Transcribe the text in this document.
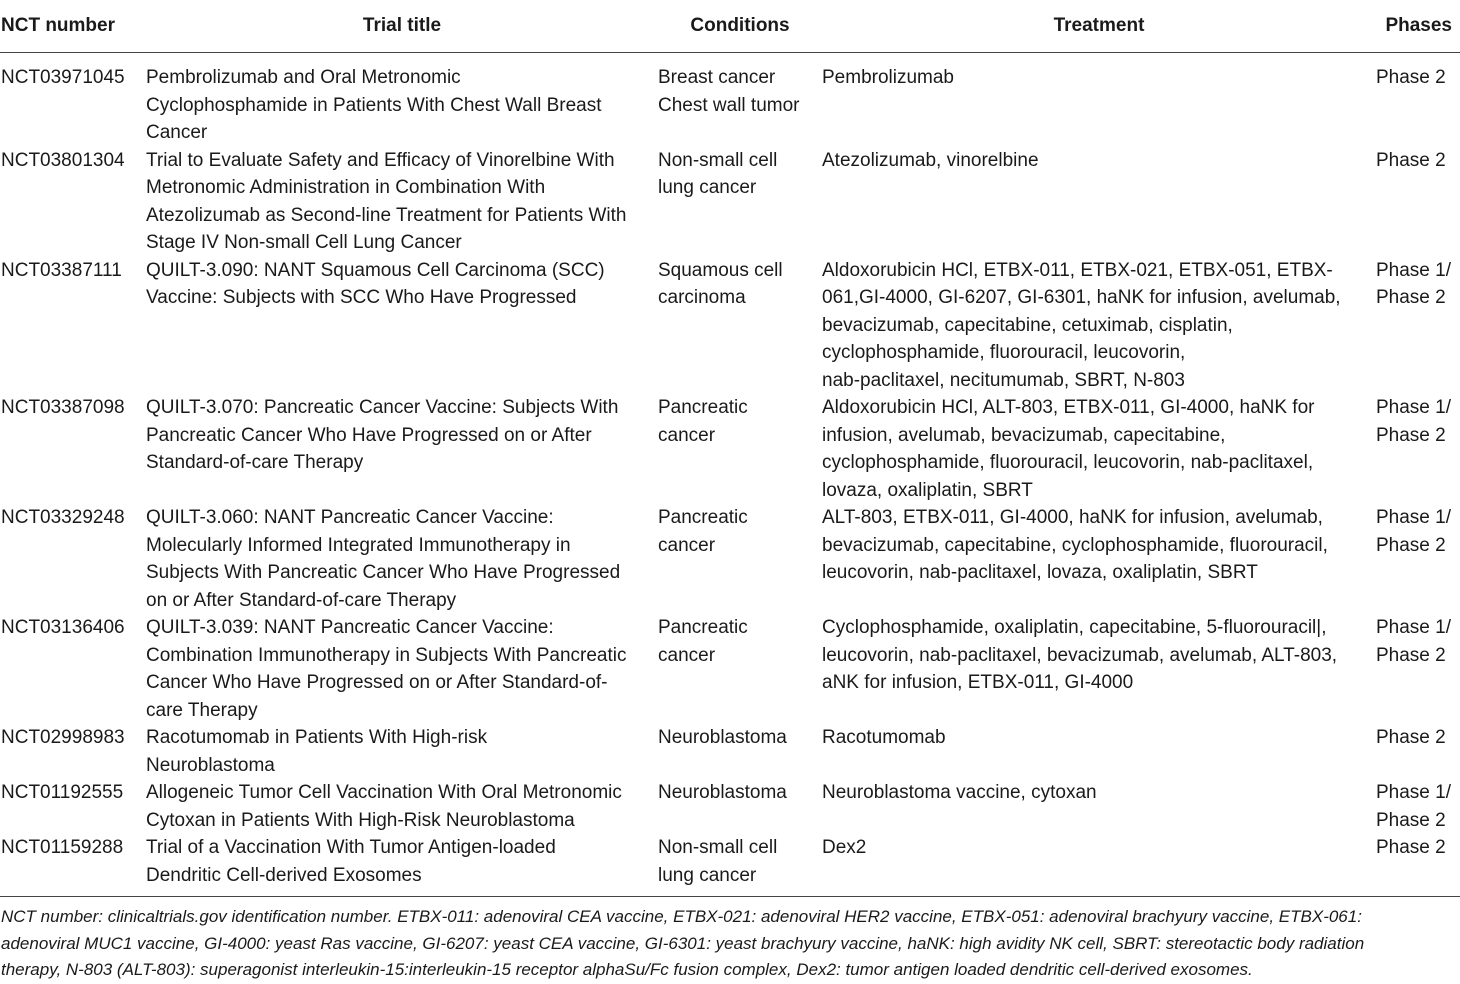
NCT number	Trial title	Conditions	Treatment	Phases
NCT03971045	Pembrolizumab and Oral Metronomic
Cyclophosphamide in Patients With Chest Wall Breast
Cancer	Breast cancer
Chest wall tumor	Pembrolizumab	Phase 2

NCT03801304	Trial to Evaluate Safety and Efficacy of Vinorelbine With
Metronomic Administration in Combination With
Atezolizumab as Second-line Treatment for Patients With
Stage IV Non-small Cell Lung Cancer	Non-small cell
lung cancer	Atezolizumab, vinorelbine	Phase 2

NCT03387111	QUILT-3.090: NANT Squamous Cell Carcinoma (SCC)
Vaccine: Subjects with SCC Who Have Progressed	Squamous cell
carcinoma	Aldoxorubicin HCl, ETBX-011, ETBX-021, ETBX-051, ETBX-
061,GI-4000, GI-6207, GI-6301, haNK for infusion, avelumab,
bevacizumab, capecitabine, cetuximab, cisplatin,
cyclophosphamide, fluorouracil, leucovorin,
nab-paclitaxel, necitumumab, SBRT, N-803	Phase 1/
Phase 2

NCT03387098	QUILT-3.070: Pancreatic Cancer Vaccine: Subjects With
Pancreatic Cancer Who Have Progressed on or After
Standard-of-care Therapy	Pancreatic
cancer	Aldoxorubicin HCl, ALT-803, ETBX-011, GI-4000, haNK for
infusion, avelumab, bevacizumab, capecitabine,
cyclophosphamide, fluorouracil, leucovorin, nab-paclitaxel,
lovaza, oxaliplatin, SBRT	Phase 1/
Phase 2

NCT03329248	QUILT-3.060: NANT Pancreatic Cancer Vaccine:
Molecularly Informed Integrated Immunotherapy in
Subjects With Pancreatic Cancer Who Have Progressed
on or After Standard-of-care Therapy	Pancreatic
cancer	ALT-803, ETBX-011, GI-4000, haNK for infusion, avelumab,
bevacizumab, capecitabine, cyclophosphamide, fluorouracil,
leucovorin, nab-paclitaxel, lovaza, oxaliplatin, SBRT	Phase 1/
Phase 2

NCT03136406	QUILT-3.039: NANT Pancreatic Cancer Vaccine:
Combination Immunotherapy in Subjects With Pancreatic
Cancer Who Have Progressed on or After Standard-of-
care Therapy	Pancreatic
cancer	Cyclophosphamide, oxaliplatin, capecitabine, 5-fluorouracil|,
leucovorin, nab-paclitaxel, bevacizumab, avelumab, ALT-803,
aNK for infusion, ETBX-011, GI-4000	Phase 1/
Phase 2

NCT02998983	Racotumomab in Patients With High-risk
Neuroblastoma	Neuroblastoma	Racotumomab	Phase 2

NCT01192555	Allogeneic Tumor Cell Vaccination With Oral Metronomic
Cytoxan in Patients With High-Risk Neuroblastoma	Neuroblastoma	Neuroblastoma vaccine, cytoxan	Phase 1/
Phase 2

NCT01159288	Trial of a Vaccination With Tumor Antigen-loaded
Dendritic Cell-derived Exosomes	Non-small cell
lung cancer	Dex2	Phase 2
NCT number: clinicaltrials.gov identification number. ETBX-011: adenoviral CEA vaccine, ETBX-021: adenoviral HER2 vaccine, ETBX-051: adenoviral brachyury vaccine, ETBX-061:
adenoviral MUC1 vaccine, GI-4000: yeast Ras vaccine, GI-6207: yeast CEA vaccine, GI-6301: yeast brachyury vaccine, haNK: high avidity NK cell, SBRT: stereotactic body radiation
therapy, N-803 (ALT-803): superagonist interleukin-15:interleukin-15 receptor alphaSu/Fc fusion complex, Dex2: tumor antigen loaded dendritic cell-derived exosomes.
